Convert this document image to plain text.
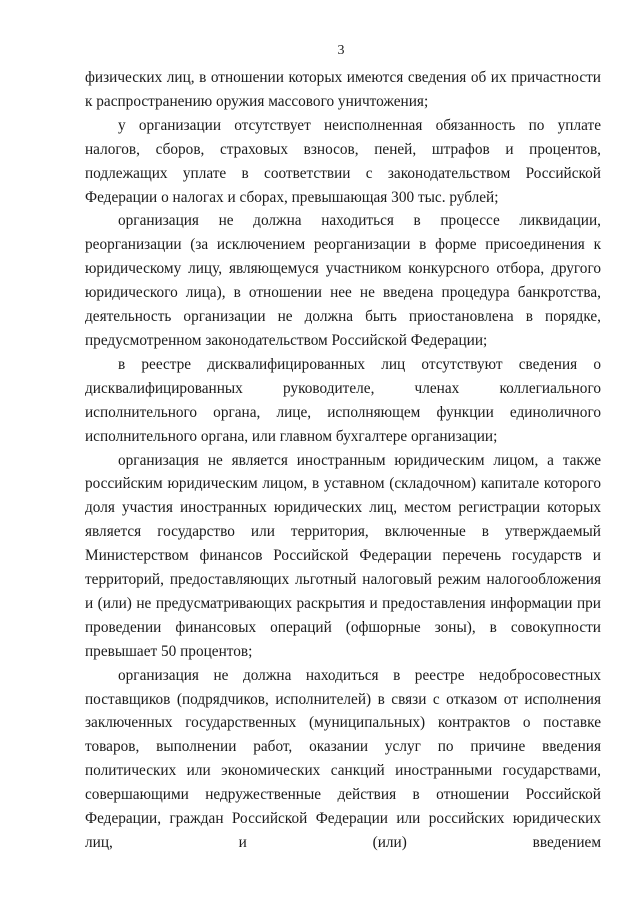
3

физических лиц, в отношении которых имеются сведения об их причастности к распространению оружия массового уничтожения;

у организации отсутствует неисполненная обязанность по уплате налогов, сборов, страховых взносов, пеней, штрафов и процентов, подлежащих уплате в соответствии с законодательством Российской Федерации о налогах и сборах, превышающая 300 тыс. рублей;

организация не должна находиться в процессе ликвидации, реорганизации (за исключением реорганизации в форме присоединения к юридическому лицу, являющемуся участником конкурсного отбора, другого юридического лица), в отношении нее не введена процедура банкротства, деятельность организации не должна быть приостановлена в порядке, предусмотренном законодательством Российской Федерации;

в реестре дисквалифицированных лиц отсутствуют сведения о дисквалифицированных руководителе, членах коллегиального исполнительного органа, лице, исполняющем функции единоличного исполнительного органа, или главном бухгалтере организации;

организация не является иностранным юридическим лицом, а также российским юридическим лицом, в уставном (складочном) капитале которого доля участия иностранных юридических лиц, местом регистрации которых является государство или территория, включенные в утверждаемый Министерством финансов Российской Федерации перечень государств и территорий, предоставляющих льготный налоговый режим налогообложения и (или) не предусматривающих раскрытия и предоставления информации при проведении финансовых операций (офшорные зоны), в совокупности превышает 50 процентов;

организация не должна находиться в реестре недобросовестных поставщиков (подрядчиков, исполнителей) в связи с отказом от исполнения заключенных государственных (муниципальных) контрактов о поставке товаров, выполнении работ, оказании услуг по причине введения политических или экономических санкций иностранными государствами, совершающими недружественные действия в отношении Российской Федерации, граждан Российской Федерации или российских юридических лиц, и (или) введением
